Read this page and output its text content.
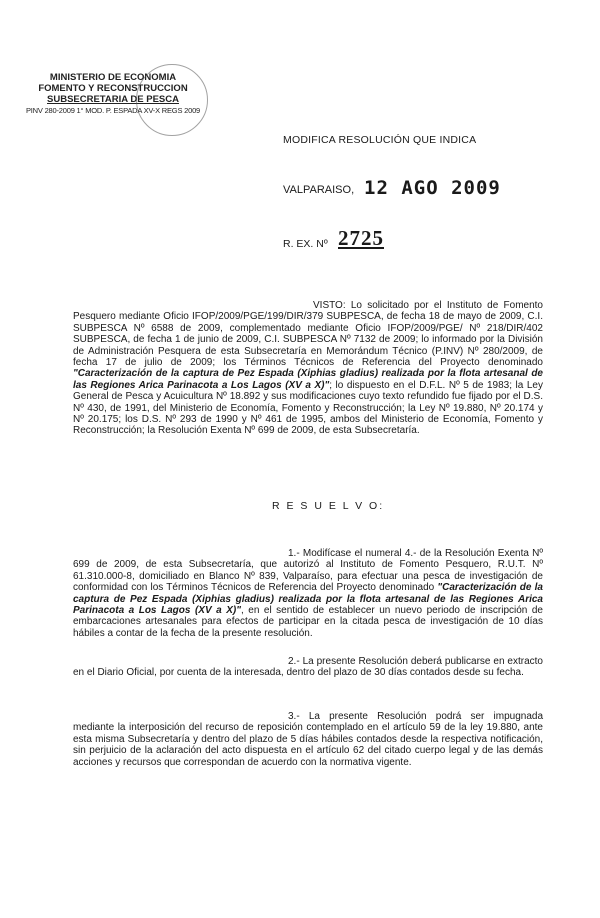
MINISTERIO DE ECONOMIA
FOMENTO Y RECONSTRUCCION
SUBSECRETARIA DE PESCA
PINV 280-2009 1° MOD. P. ESPADA XV-X REGS 2009
MODIFICA RESOLUCIÓN QUE INDICA
VALPARAISO, 12 AGO 2009
R. EX. Nº 2725
VISTO: Lo solicitado por el Instituto de Fomento Pesquero mediante Oficio IFOP/2009/PGE/199/DIR/379 SUBPESCA, de fecha 18 de mayo de 2009, C.I. SUBPESCA Nº 6588 de 2009, complementado mediante Oficio IFOP/2009/PGE/ Nº 218/DIR/402 SUBPESCA, de fecha 1 de junio de 2009, C.I. SUBPESCA Nº 7132 de 2009; lo informado por la División de Administración Pesquera de esta Subsecretaría en Memorándum Técnico (P.INV) Nº 280/2009, de fecha 17 de julio de 2009; los Términos Técnicos de Referencia del Proyecto denominado "Caracterización de la captura de Pez Espada (Xiphias gladius) realizada por la flota artesanal de las Regiones Arica Parinacota a Los Lagos (XV a X)"; lo dispuesto en el D.F.L. Nº 5 de 1983; la Ley General de Pesca y Acuicultura Nº 18.892 y sus modificaciones cuyo texto refundido fue fijado por el D.S. Nº 430, de 1991, del Ministerio de Economía, Fomento y Reconstrucción; la Ley Nº 19.880, Nº 20.174 y Nº 20.175; los D.S. Nº 293 de 1990 y Nº 461 de 1995, ambos del Ministerio de Economía, Fomento y Reconstrucción; la Resolución Exenta Nº 699 de 2009, de esta Subsecretaría.
R E S U E L V O:
1.- Modifícase el numeral 4.- de la Resolución Exenta Nº 699 de 2009, de esta Subsecretaría, que autorizó al Instituto de Fomento Pesquero, R.U.T. Nº 61.310.000-8, domiciliado en Blanco Nº 839, Valparaíso, para efectuar una pesca de investigación de conformidad con los Términos Técnicos de Referencia del Proyecto denominado "Caracterización de la captura de Pez Espada (Xiphias gladius) realizada por la flota artesanal de las Regiones Arica Parinacota a Los Lagos (XV a X)", en el sentido de establecer un nuevo periodo de inscripción de embarcaciones artesanales para efectos de participar en la citada pesca de investigación de 10 días hábiles a contar de la fecha de la presente resolución.
2.- La presente Resolución deberá publicarse en extracto en el Diario Oficial, por cuenta de la interesada, dentro del plazo de 30 días contados desde su fecha.
3.- La presente Resolución podrá ser impugnada mediante la interposición del recurso de reposición contemplado en el artículo 59 de la ley 19.880, ante esta misma Subsecretaría y dentro del plazo de 5 días hábiles contados desde la respectiva notificación, sin perjuicio de la aclaración del acto dispuesta en el artículo 62 del citado cuerpo legal y de las demás acciones y recursos que correspondan de acuerdo con la normativa vigente.
